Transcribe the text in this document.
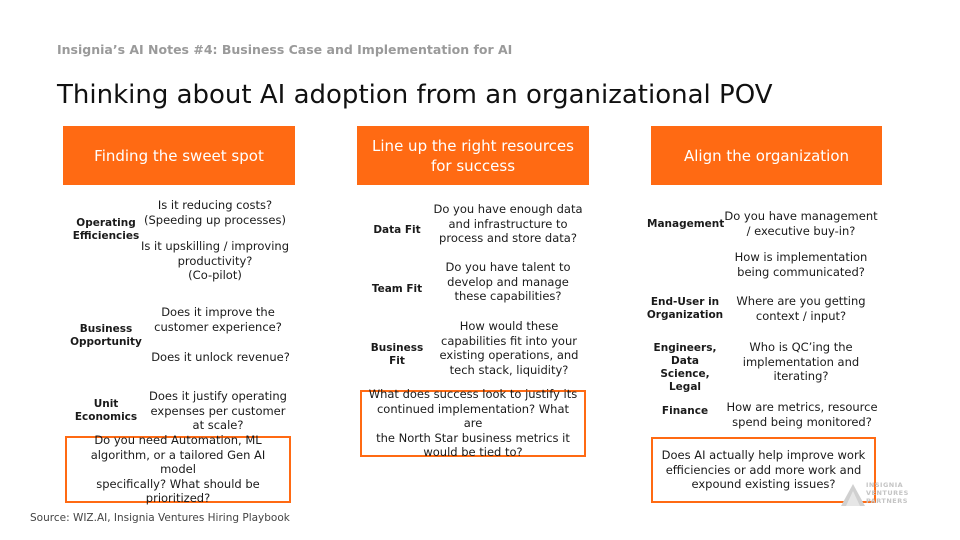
Insignia’s AI Notes #4: Business Case and Implementation for AI
Thinking about AI adoption from an organizational POV
Finding the sweet spot
Operating
Efficiencies
Is it reducing costs?
(Speeding up processes)
Is it upskilling / improving
productivity?
(Co-pilot)
Business
Opportunity
Does it improve the
customer experience?
Does it unlock revenue?
Unit
Economics
Does it justify operating
expenses per customer
at scale?
Do you need Automation, ML
algorithm, or a tailored Gen AI model
specifically? What should be
prioritized?
Line up the right resources for success
Data Fit
Do you have enough data
and infrastructure to
process and store data?
Team Fit
Do you have talent to
develop and manage
these capabilities?
Business Fit
How would these
capabilities fit into your
existing operations, and
tech stack, liquidity?
What does success look to justify its
continued implementation? What are
the North Star business metrics it
would be tied to?
Align the organization
Management
Do you have management
/ executive buy-in?
How is implementation
being communicated?
End-User in
Organization
Where are you getting
context / input?
Engineers,
Data Science,
Legal
Who is QC’ing the
implementation and
iterating?
Finance	How are metrics, resource
spend being monitored?
Does AI actually help improve work
efficiencies or add more work and
expound existing issues?
Source: WIZ.AI, Insignia Ventures Hiring Playbook
INSIGNIA
VENTURES
PARTNERS
